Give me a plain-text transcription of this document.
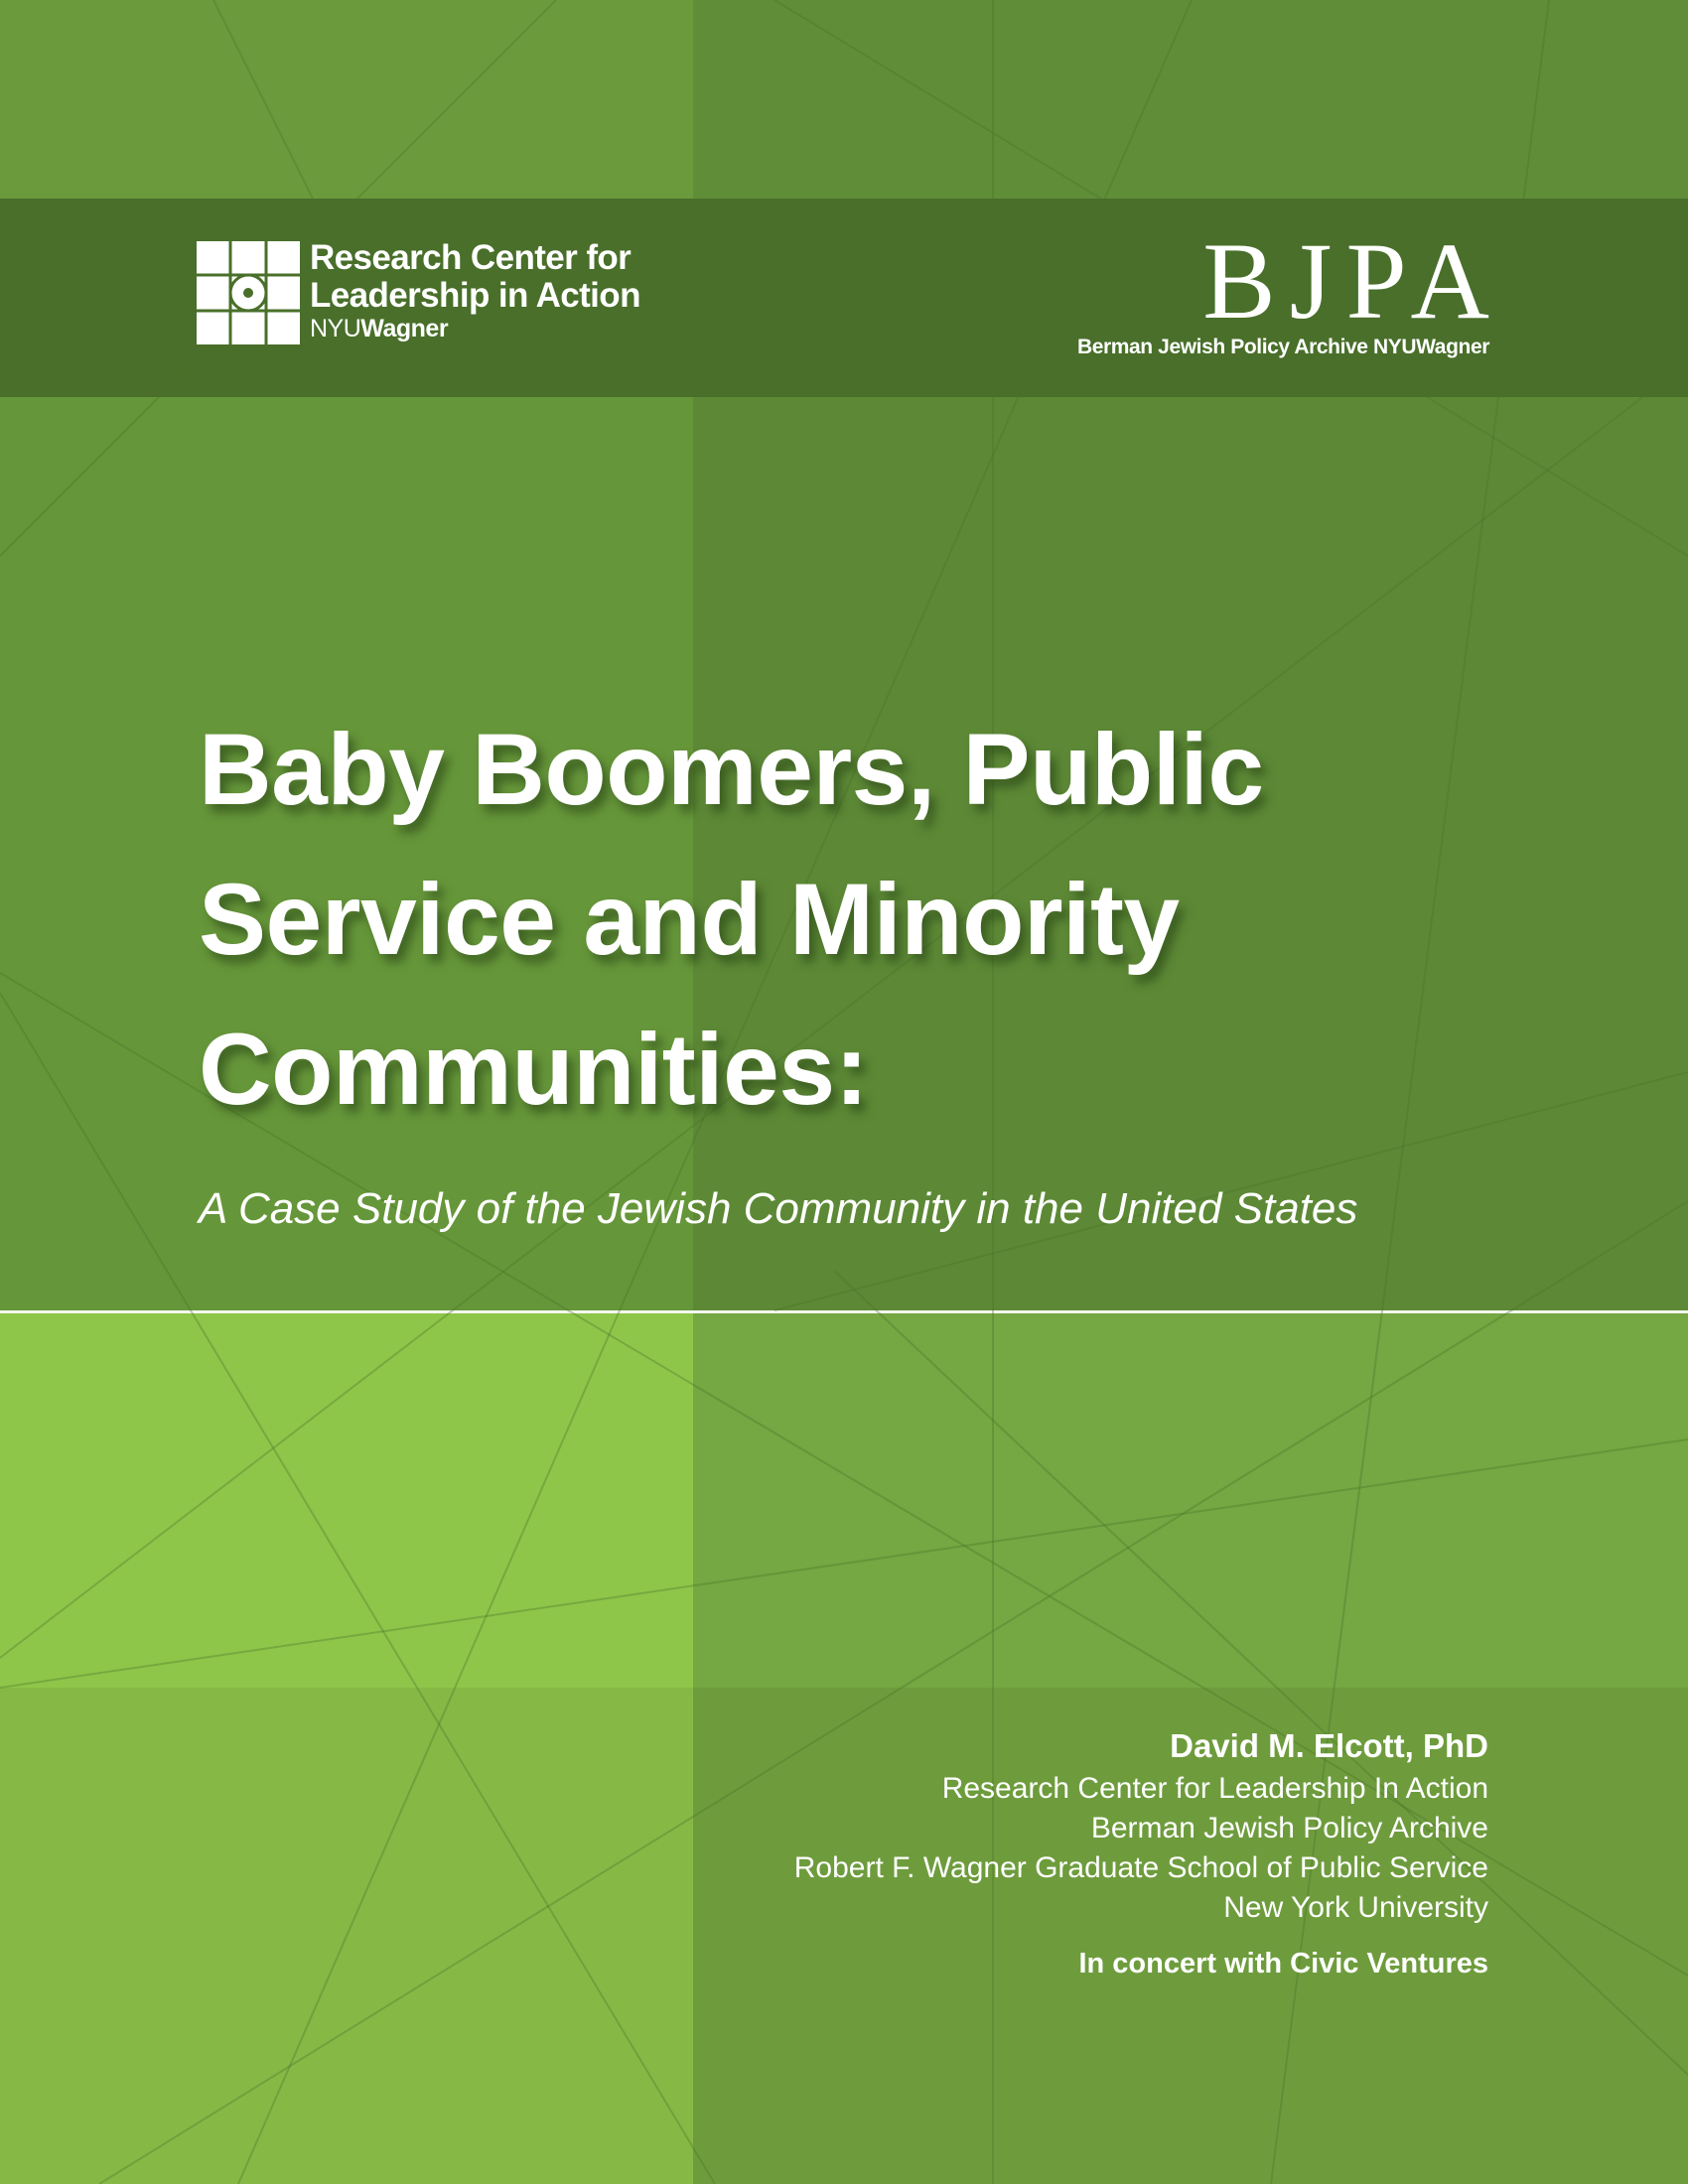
Research Center for
Leadership in Action
NYUWagner	BJPA
Berman Jewish Policy Archive NYUWagner
Baby Boomers, Public
Service and Minority
Communities:

A Case Study of the Jewish Community in the United States

David M. Elcott, PhD
Research Center for Leadership In Action
Berman Jewish Policy Archive
Robert F. Wagner Graduate School of Public Service
New York University
In concert with Civic Ventures
